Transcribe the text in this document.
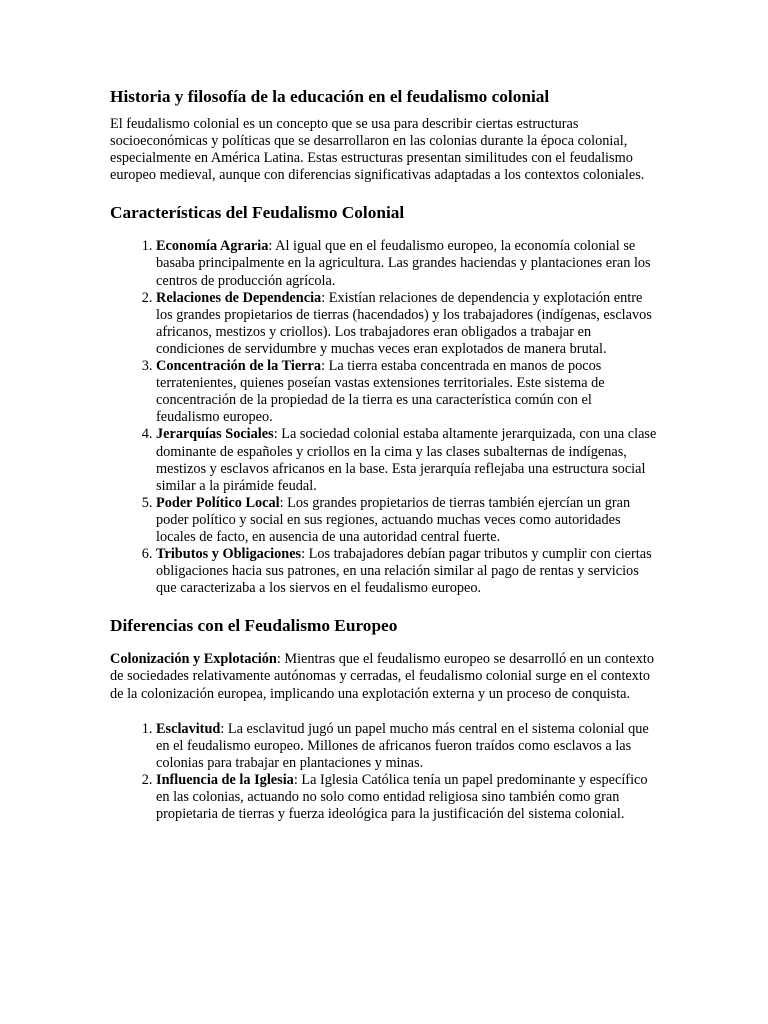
Historia y filosofía de la educación en el feudalismo colonial

El feudalismo colonial es un concepto que se usa para describir ciertas estructuras socioeconómicas y políticas que se desarrollaron en las colonias durante la época colonial, especialmente en América Latina. Estas estructuras presentan similitudes con el feudalismo europeo medieval, aunque con diferencias significativas adaptadas a los contextos coloniales.

Características del Feudalismo Colonial
1. Economía Agraria: Al igual que en el feudalismo europeo, la economía colonial se basaba principalmente en la agricultura. Las grandes haciendas y plantaciones eran los centros de producción agrícola.
2. Relaciones de Dependencia: Existían relaciones de dependencia y explotación entre los grandes propietarios de tierras (hacendados) y los trabajadores (indígenas, esclavos africanos, mestizos y criollos). Los trabajadores eran obligados a trabajar en condiciones de servidumbre y muchas veces eran explotados de manera brutal.
3. Concentración de la Tierra: La tierra estaba concentrada en manos de pocos terratenientes, quienes poseían vastas extensiones territoriales. Este sistema de concentración de la propiedad de la tierra es una característica común con el feudalismo europeo.
4. Jerarquías Sociales: La sociedad colonial estaba altamente jerarquizada, con una clase dominante de españoles y criollos en la cima y las clases subalternas de indígenas, mestizos y esclavos africanos en la base. Esta jerarquía reflejaba una estructura social similar a la pirámide feudal.
5. Poder Político Local: Los grandes propietarios de tierras también ejercían un gran poder político y social en sus regiones, actuando muchas veces como autoridades locales de facto, en ausencia de una autoridad central fuerte.
6. Tributos y Obligaciones: Los trabajadores debían pagar tributos y cumplir con ciertas obligaciones hacia sus patrones, en una relación similar al pago de rentas y servicios que caracterizaba a los siervos en el feudalismo europeo.
Diferencias con el Feudalismo Europeo

Colonización y Explotación: Mientras que el feudalismo europeo se desarrolló en un contexto de sociedades relativamente autónomas y cerradas, el feudalismo colonial surge en el contexto de la colonización europea, implicando una explotación externa y un proceso de conquista.

1. Esclavitud: La esclavitud jugó un papel mucho más central en el sistema colonial que en el feudalismo europeo. Millones de africanos fueron traídos como esclavos a las colonias para trabajar en plantaciones y minas.
2. Influencia de la Iglesia: La Iglesia Católica tenía un papel predominante y específico en las colonias, actuando no solo como entidad religiosa sino también como gran propietaria de tierras y fuerza ideológica para la justificación del sistema colonial.
